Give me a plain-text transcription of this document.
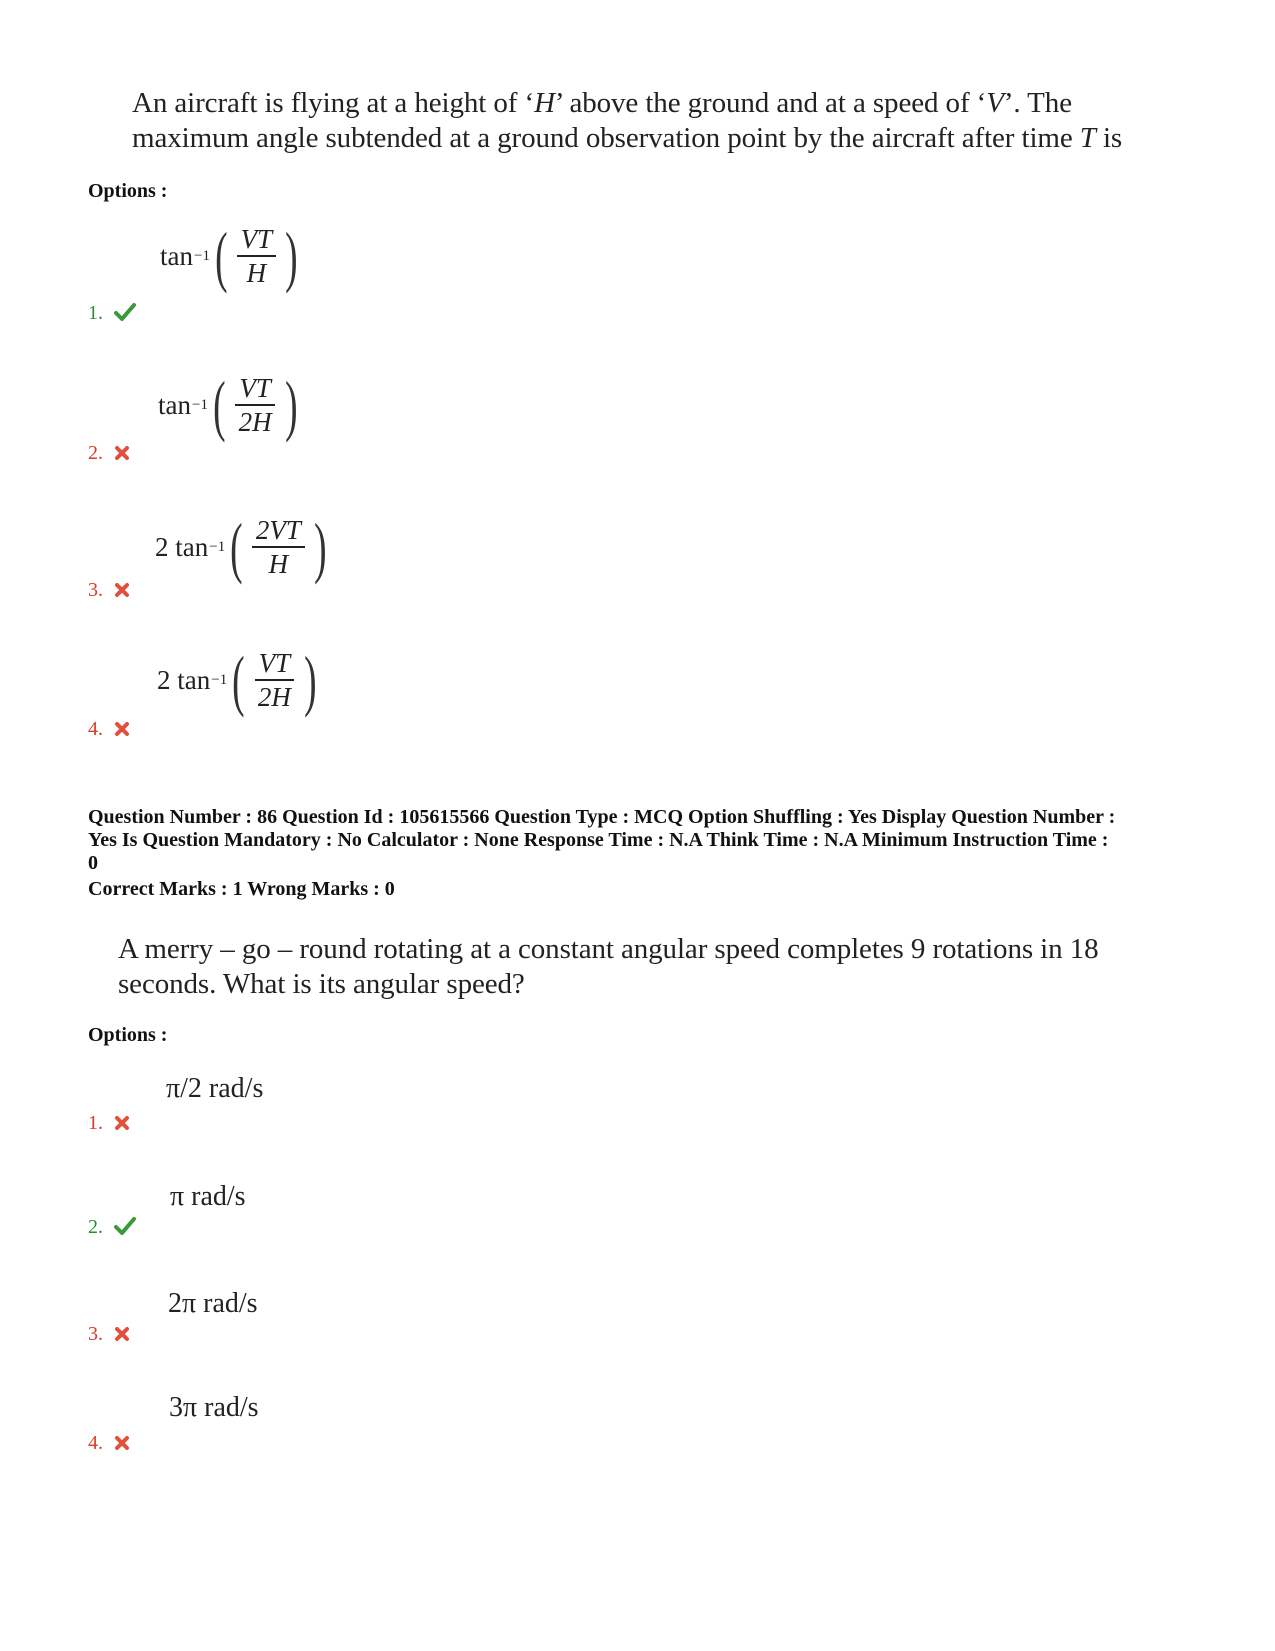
An aircraft is flying at a height of ‘H’ above the ground and at a speed of ‘V’. The
maximum angle subtended at a ground observation point by the aircraft after time T is
Options :
tan −1 ( $\frac{VT}{H}$ )
1.
tan −1 ( $\frac{VT}{2H}$ )
2.
2 tan −1 ( $\frac{2VT}{H}$ )
3.
2 tan −1 ( $\frac{VT}{2H}$ )
4.
Question Number : 86 Question Id : 105615566 Question Type : MCQ Option Shuffling : Yes Display Question Number :
Yes Is Question Mandatory : No Calculator : None Response Time : N.A Think Time : N.A Minimum Instruction Time :
0
Correct Marks : 1 Wrong Marks : 0
A merry – go – round rotating at a constant angular speed completes 9 rotations in 18
seconds. What is its angular speed?
Options :
π/2 rad/s
1.
π rad/s
2.
2π rad/s
3.
3π rad/s
4.
